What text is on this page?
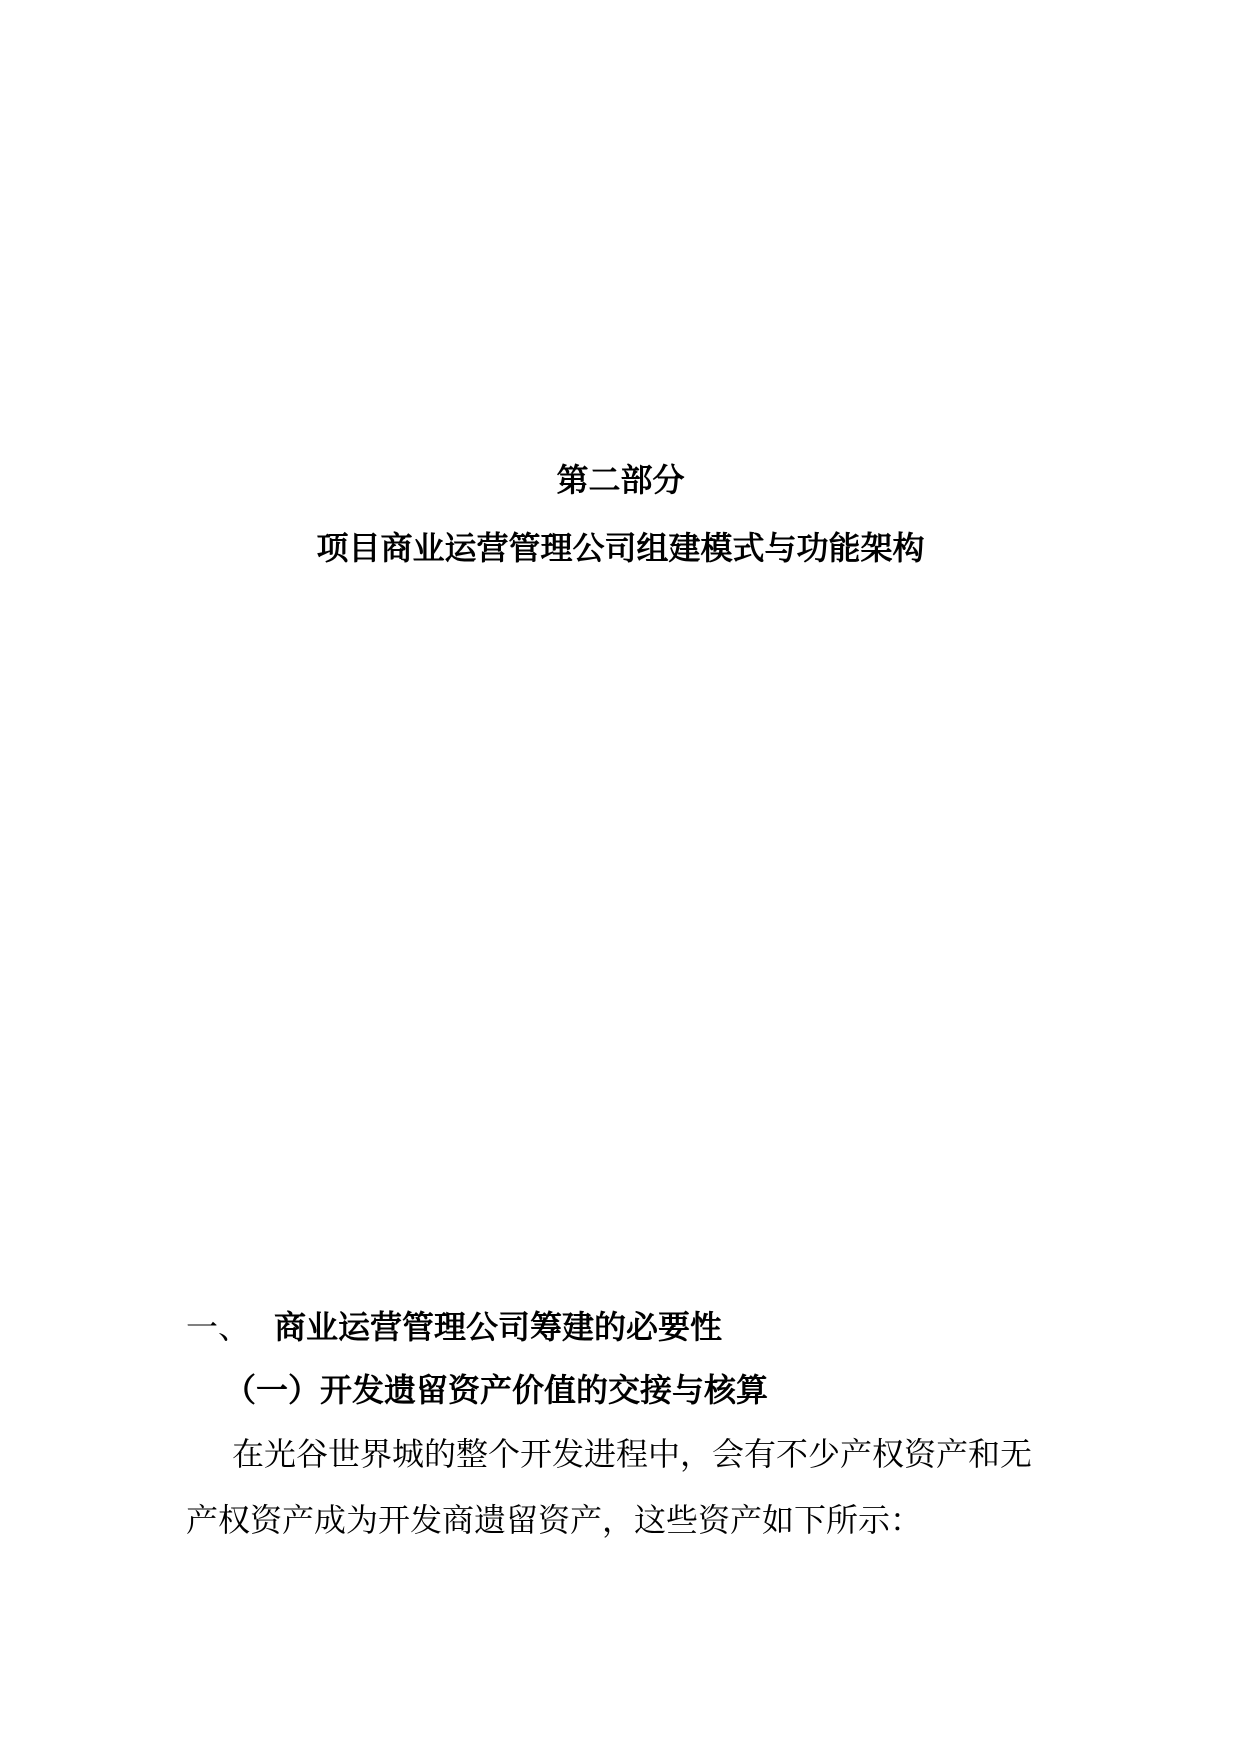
第二部分
项目商业运营管理公司组建模式与功能架构
一、 商业运营管理公司筹建的必要性
（一）开发遗留资产价值的交接与核算
在光谷世界城的整个开发进程中，会有不少产权资产和无
产权资产成为开发商遗留资产，这些资产如下所示：
